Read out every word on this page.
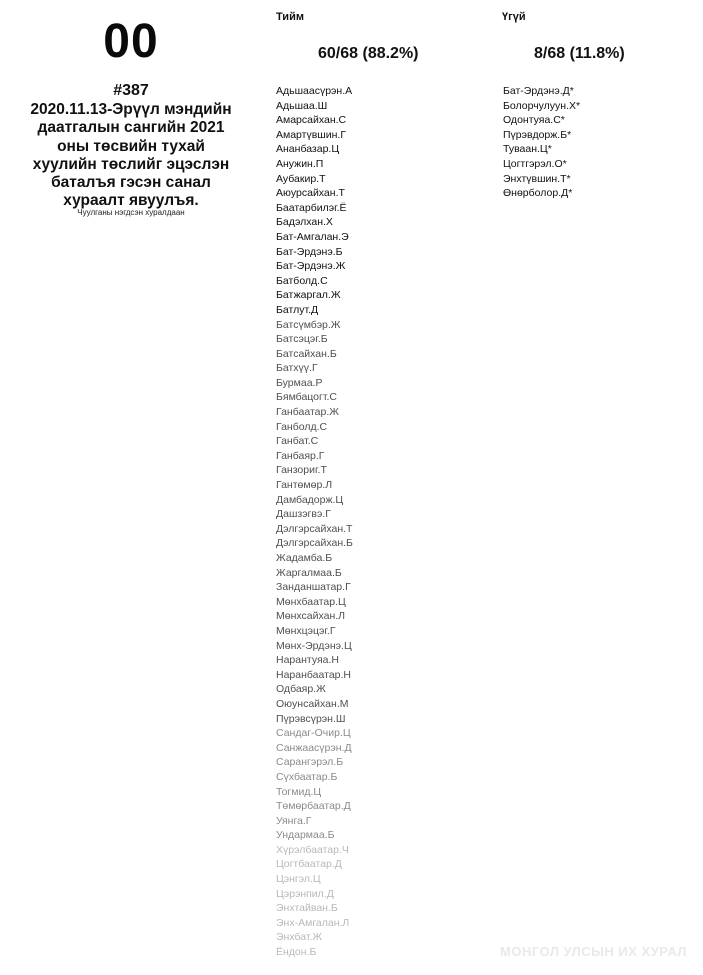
00
#387
2020.11.13-Эрүүл мэндийн даатгалын сангийн 2021 оны төсвийн тухай хуулийн төслийг эцэслэн баталъя гэсэн санал хураалт явуулъя.
Чуулганы нэгдсэн хуралдаан
Тийм
60/68 (88.2%)
Адьшаасүрэн.А
Адьшаа.Ш
Амарсайхан.С
Амартүвшин.Г
Ананбазар.Ц
Анужин.П
Аубакир.Т
Аюурсайхан.Т
Баатарбилэг.Ё
Бадэлхан.Х
Бат-Амгалан.Э
Бат-Эрдэнэ.Б
Бат-Эрдэнэ.Ж
Батболд.С
Батжаргал.Ж
Батлут.Д
Батсүмбэр.Ж
Батсэцэг.Б
Батсайхан.Б
Батхүү.Г
Бурмаа.Р
Бямбацогт.С
Ганбаатар.Ж
Ганболд.С
Ганбат.С
Ганбаяр.Г
Ганзориг.Т
Гантөмөр.Л
Дамбадорж.Ц
Дашзэгвэ.Г
Дэлгэрсайхан.Т
Дэлгэрсайхан.Б
Жадамба.Б
Жаргалмаа.Б
Занданшатар.Г
Мөнхбаатар.Ц
Мөнхсайхан.Л
Мөнхцэцэг.Г
Мөнх-Эрдэнэ.Ц
Нарантуяа.Н
Наранбаатар.Н
Одбаяр.Ж
Оюунсайхан.М
Пүрэвсүрэн.Ш
Сандаг-Очир.Ц
Санжаасүрэн.Д
Сарангэрэл.Б
Сүхбаатар.Б
Тогмид.Ц
Төмөрбаатар.Д
Уянга.Г
Ундармаа.Б
Хүрэлбаатар.Ч
Цогтбаатар.Д
Цэнгэл.Ц
Цэрэнпил.Д
Энхтайван.Б
Энх-Амгалан.Л
Энхбат.Ж
Ёндон.Б
Үгүй
8/68 (11.8%)
Бат-Эрдэнэ.Д*
Болорчулуун.Х*
Одонтуяа.С*
Пүрэвдорж.Б*
Туваан.Ц*
Цогтгэрэл.О*
Энхтүвшин.Т*
Өнөрболор.Д*
МОНГОЛ УЛСЫН ИХ ХУРАЛ
